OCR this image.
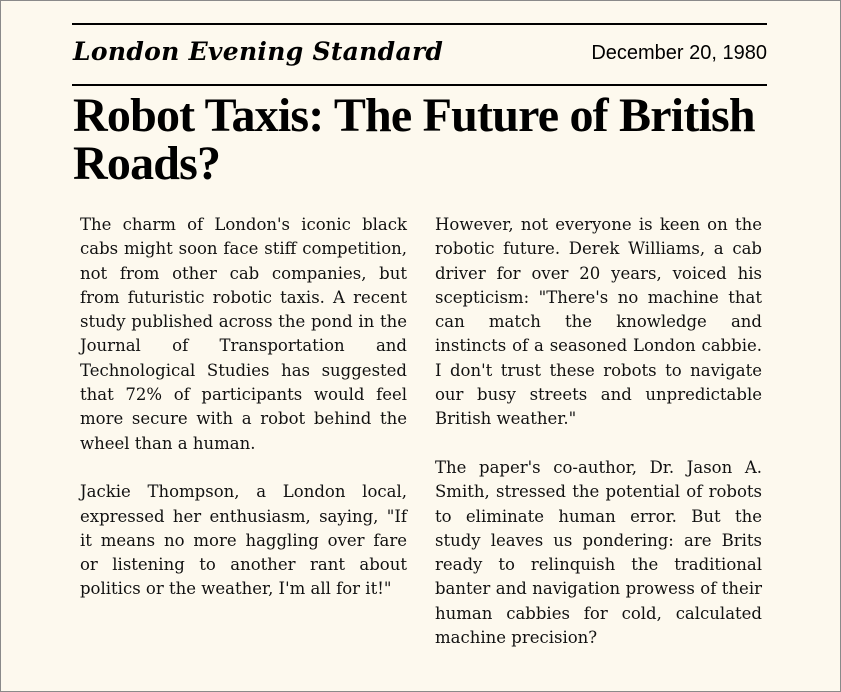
London Evening Standard	December 20, 1980
Robot Taxis: The Future of British Roads?

The charm of London's iconic black cabs might soon face stiff competition, not from other cab companies, but from futuristic robotic taxis. A recent study published across the pond in the Journal of Transportation and Technological Studies has suggested that 72% of participants would feel more secure with a robot behind the wheel than a human.

Jackie Thompson, a London local, expressed her enthusiasm, saying, "If it means no more haggling over fare or listening to another rant about politics or the weather, I'm all for it!"

However, not everyone is keen on the robotic future. Derek Williams, a cab driver for over 20 years, voiced his scepticism: "There's no machine that can match the knowledge and instincts of a seasoned London cabbie. I don't trust these robots to navigate our busy streets and unpredictable British weather."

The paper's co-author, Dr. Jason A. Smith, stressed the potential of robots to eliminate human error. But the study leaves us pondering: are Brits ready to relinquish the traditional banter and navigation prowess of their human cabbies for cold, calculated machine precision?
